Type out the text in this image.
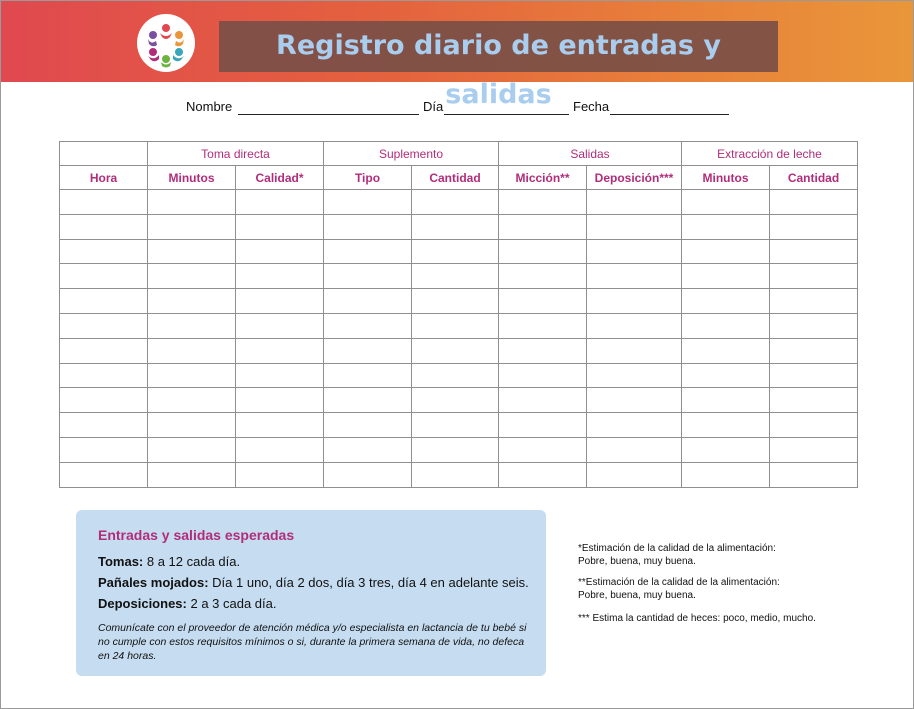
Registro diario de entradas y salidas
Nombre	Día	Fecha
	Toma directa		Suplemento		Salidas		Extracción de leche	
Hora	Minutos	Calidad*	Tipo	Cantidad	Micción**	Deposición***	Minutos	Cantidad

Entradas y salidas esperadas
Tomas: 8 a 12 cada día.
Pañales mojados: Día 1 uno, día 2 dos, día 3 tres, día 4 en adelante seis.
Deposiciones: 2 a 3 cada día.
Comunícate con el proveedor de atención médica y/o especialista en lactancia de tu bebé si no cumple con estos requisitos mínimos o si, durante la primera semana de vida, no defeca en 24 horas.
*Estimación de la calidad de la alimentación:
Pobre, buena, muy buena.
**Estimación de la calidad de la alimentación:
Pobre, buena, muy buena.
*** Estima la cantidad de heces: poco, medio, mucho.
